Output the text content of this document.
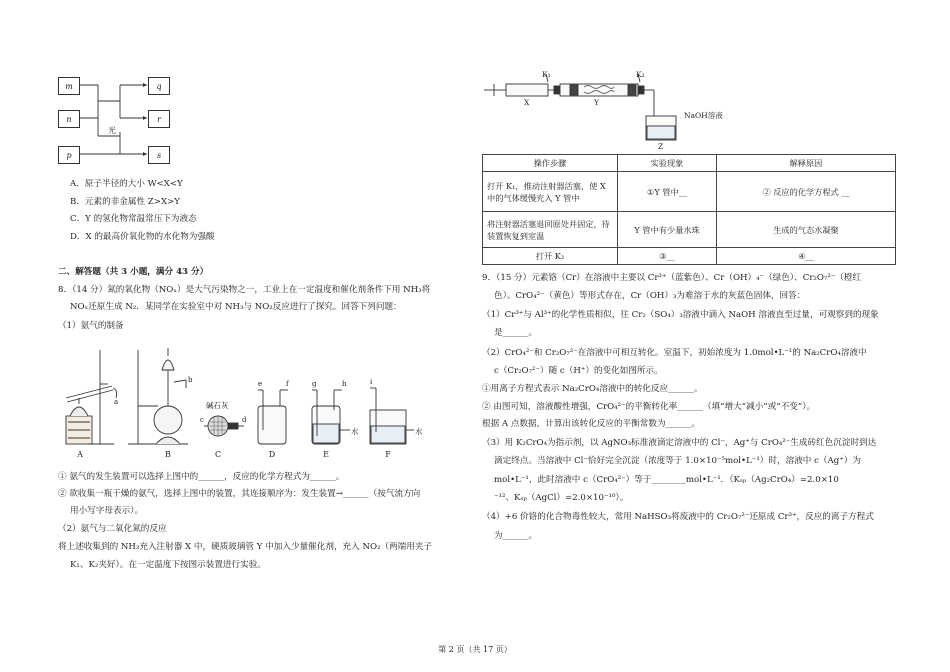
m
n
p
q
r
s
光
A．原子半径的大小 W<X<Y
B．元素的非金属性 Z>X>Y
C．Y 的氢化物常温常压下为液态
D．X 的最高价氧化物的水化物为强酸
二、解答题（共 3 小题，满分 43 分）
8．（14 分）氮的氧化物（NOₓ）是大气污染物之一，工业上在一定温度和催化剂条件下用 NH₃将
NOₓ还原生成 N₂．某同学在实验室中对 NH₃与 NO₂反应进行了探究。回答下列问题：
（1）氨气的制备
A	B	C	D	E	F
a
b
c	d
e	f	g	h	i
碱石灰
水	水
① 氨气的发生装置可以选择上图中的______，反应的化学方程式为______。
② 欲收集一瓶干燥的氨气，选择上图中的装置，其连接顺序为：发生装置→______（按气流方向
用小写字母表示）。
（2）氨气与二氧化氮的反应
将上述收集到的 NH₃充入注射器 X 中，硬质玻璃管 Y 中加入少量催化剂，充入 NO₂（两端用夹子
K₁、K₂夹好）。在一定温度下按图示装置进行实验。
K₁	K₂
X	Y
NaOH溶液
Z
操作步骤	实验现象	解释原因
打开 K₁，推动注射器活塞，使 X 中的气体缓慢充入 Y 管中	①Y 管中__	② 反应的化学方程式 __
将注射器活塞退回原处并固定，待装置恢复到室温	Y 管中有少量水珠	生成的气态水凝聚
打开 K₂	③__	④__
9．（15 分）元素铬（Cr）在溶液中主要以 Cr³⁺（蓝紫色）、Cr（OH）₄⁻（绿色）、Cr₂O₇²⁻（橙红
色）、CrO₄²⁻（黄色）等形式存在，Cr（OH）₃为难溶于水的灰蓝色固体，回答：
（1）Cr³⁺与 Al³⁺的化学性质相似，往 Cr₂（SO₄）₃溶液中滴入 NaOH 溶液直至过量，可观察到的现象
是______。
（2）CrO₄²⁻和 Cr₂O₇²⁻在溶液中可相互转化。室温下，初始浓度为 1.0mol•L⁻¹的 Na₂CrO₄溶液中
c（Cr₂O₇²⁻）随 c（H⁺）的变化如图所示。
①用离子方程式表示 Na₂CrO₄溶液中的转化反应______。
② 由图可知，溶液酸性增强，CrO₄²⁻的平衡转化率______（填“增大”减小”或“不变”）。
根据 A 点数据，计算出该转化反应的平衡常数为______。
（3）用 K₂CrO₄为指示剂，以 AgNO₃标准液滴定溶液中的 Cl⁻，Ag⁺与 CrO₄²⁻生成砖红色沉淀时到达
滴定终点。当溶液中 Cl⁻恰好完全沉淀（浓度等于 1.0×10⁻⁵mol•L⁻¹）时，溶液中 c（Ag⁺）为
mol•L⁻¹，此时溶液中 c（CrO₄²⁻）等于________mol•L⁻¹．（Kₛₚ（Ag₂CrO₄）=2.0×10
⁻¹²、Kₛₚ（AgCl）=2.0×10⁻¹⁰）。
（4）+6 价铬的化合物毒性较大，常用 NaHSO₃将废液中的 Cr₂O₇²⁻还原成 Cr³⁺，反应的离子方程式
为______。
第 2 页（共 17 页）
